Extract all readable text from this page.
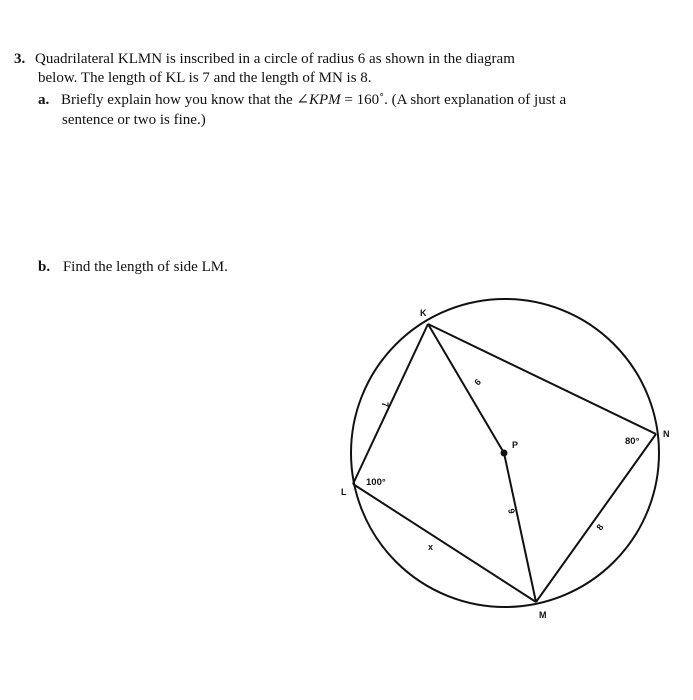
3. Quadrilateral KLMN is inscribed in a circle of radius 6 as shown in the diagram
below. The length of KL is 7 and the length of MN is 8.
a. Briefly explain how you know that the ∠KPM = 160˚. (A short explanation of just a
sentence or two is fine.)
b. Find the length of side LM.
K
L
M
N
P
7
6
6
8
x
100°
80°
